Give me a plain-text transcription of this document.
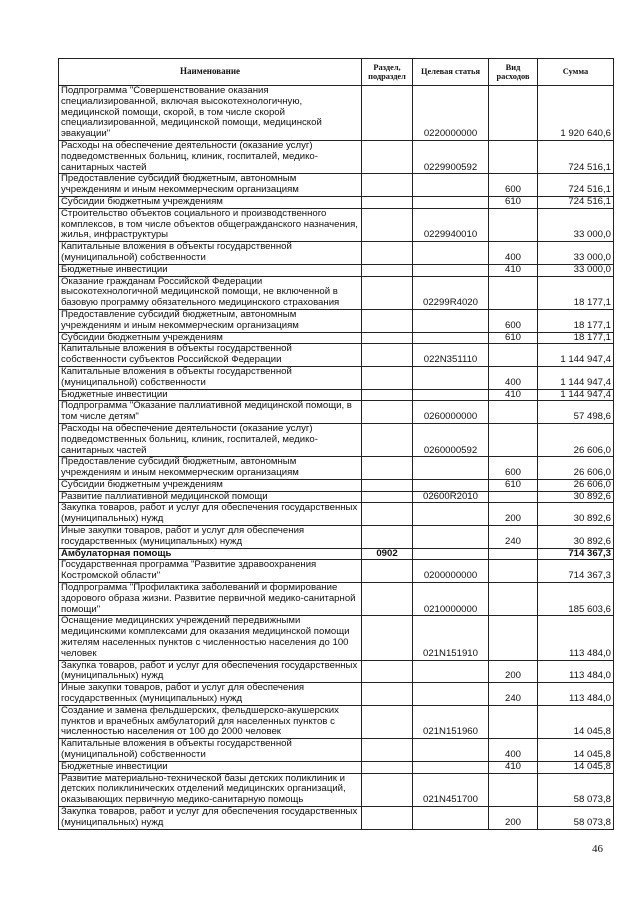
Наименование	Раздел, подраздел	Целевая статья	Вид расходов	Сумма
Подпрограмма "Совершенствование оказания специализированной, включая высокотехнологичную, медицинской помощи, скорой, в том числе скорой специализированной, медицинской помощи, медицинской эвакуации"		0220000000		1 920 640,6
Расходы на обеспечение деятельности (оказание услуг) подведомственных больниц, клиник, госпиталей, медико-санитарных частей		0229900592		724 516,1
Предоставление субсидий бюджетным, автономным учреждениям и иным некоммерческим организациям			600	724 516,1
Субсидии бюджетным учреждениям			610	724 516,1
Строительство объектов социального и производственного комплексов, в том числе объектов общегражданского назначения, жилья, инфраструктуры		0229940010		33 000,0
Капитальные вложения в объекты государственной (муниципальной) собственности			400	33 000,0
Бюджетные инвестиции			410	33 000,0
Оказание гражданам Российской Федерации высокотехнологичной медицинской помощи, не включенной в базовую программу обязательного медицинского страхования		02299R4020		18 177,1
Предоставление субсидий бюджетным, автономным учреждениям и иным некоммерческим организациям			600	18 177,1
Субсидии бюджетным учреждениям			610	18 177,1
Капитальные вложения в объекты государственной собственности субъектов Российской Федерации		022N351110		1 144 947,4
Капитальные вложения в объекты государственной (муниципальной) собственности			400	1 144 947,4
Бюджетные инвестиции			410	1 144 947,4
Подпрограмма "Оказание паллиативной медицинской помощи, в том числе детям"		0260000000		57 498,6
Расходы на обеспечение деятельности (оказание услуг) подведомственных больниц, клиник, госпиталей, медико-санитарных частей		0260000592		26 606,0
Предоставление субсидий бюджетным, автономным учреждениям и иным некоммерческим организациям			600	26 606,0
Субсидии бюджетным учреждениям			610	26 606,0
Развитие паллиативной медицинской помощи		02600R2010		30 892,6
Закупка товаров, работ и услуг для обеспечения государственных (муниципальных) нужд			200	30 892,6
Иные закупки товаров, работ и услуг для обеспечения государственных (муниципальных) нужд			240	30 892,6
Амбулаторная помощь	0902			714 367,3
Государственная программа "Развитие здравоохранения Костромской области"		0200000000		714 367,3
Подпрограмма "Профилактика заболеваний и формирование здорового образа жизни. Развитие первичной медико-санитарной помощи"		0210000000		185 603,6
Оснащение медицинских учреждений передвижными медицинскими комплексами для оказания медицинской помощи жителям населенных пунктов с численностью населения до 100 человек		021N151910		113 484,0
Закупка товаров, работ и услуг для обеспечения государственных (муниципальных) нужд			200	113 484,0
Иные закупки товаров, работ и услуг для обеспечения государственных (муниципальных) нужд			240	113 484,0
Создание и замена фельдшерских, фельдшерско-акушерских пунктов и врачебных амбулаторий для населенных пунктов с численностью населения от 100 до 2000 человек		021N151960		14 045,8
Капитальные вложения в объекты государственной (муниципальной) собственности			400	14 045,8
Бюджетные инвестиции			410	14 045,8
Развитие материально-технической базы детских поликлиник и детских поликлинических отделений медицинских организаций, оказывающих первичную медико-санитарную помощь		021N451700		58 073,8
Закупка товаров, работ и услуг для обеспечения государственных (муниципальных) нужд			200	58 073,8
46
